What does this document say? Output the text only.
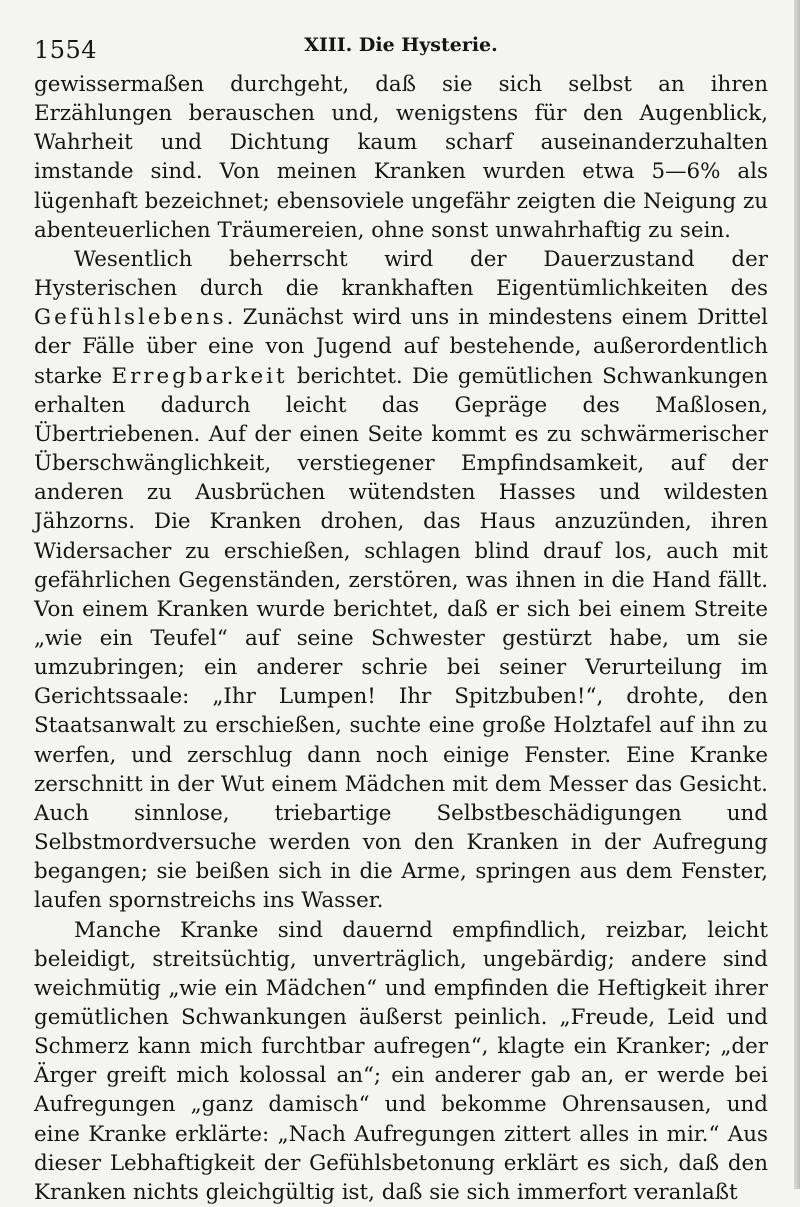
1554	XIII. Die Hysterie.

gewissermaßen durchgeht, daß sie sich selbst an ihren Erzählungen berauschen und, wenigstens für den Augenblick, Wahrheit und Dichtung kaum scharf auseinanderzuhalten imstande sind. Von meinen Kranken wurden etwa 5—6% als lügenhaft bezeichnet; ebensoviele ungefähr zeigten die Neigung zu abenteuerlichen Träumereien, ohne sonst unwahrhaftig zu sein.

Wesentlich beherrscht wird der Dauerzustand der Hysterischen durch die krankhaften Eigentümlichkeiten des Gefühlslebens. Zunächst wird uns in mindestens einem Drittel der Fälle über eine von Jugend auf bestehende, außerordentlich starke Erregbarkeit berichtet. Die gemütlichen Schwankungen erhalten dadurch leicht das Gepräge des Maßlosen, Übertriebenen. Auf der einen Seite kommt es zu schwärmerischer Überschwänglichkeit, verstiegener Empfindsamkeit, auf der anderen zu Ausbrüchen wütendsten Hasses und wildesten Jähzorns. Die Kranken drohen, das Haus anzuzünden, ihren Widersacher zu erschießen, schlagen blind drauf los, auch mit gefährlichen Gegenständen, zerstören, was ihnen in die Hand fällt. Von einem Kranken wurde berichtet, daß er sich bei einem Streite „wie ein Teufel“ auf seine Schwester gestürzt habe, um sie umzubringen; ein anderer schrie bei seiner Verurteilung im Gerichtssaale: „Ihr Lumpen! Ihr Spitzbuben!“, drohte, den Staatsanwalt zu erschießen, suchte eine große Holztafel auf ihn zu werfen, und zerschlug dann noch einige Fenster. Eine Kranke zerschnitt in der Wut einem Mädchen mit dem Messer das Gesicht. Auch sinnlose, triebartige Selbstbeschädigungen und Selbstmordversuche werden von den Kranken in der Aufregung begangen; sie beißen sich in die Arme, springen aus dem Fenster, laufen spornstreichs ins Wasser.

Manche Kranke sind dauernd empfindlich, reizbar, leicht beleidigt, streitsüchtig, unverträglich, ungebärdig; andere sind weichmütig „wie ein Mädchen“ und empfinden die Heftigkeit ihrer gemütlichen Schwankungen äußerst peinlich. „Freude, Leid und Schmerz kann mich furchtbar aufregen“, klagte ein Kranker; „der Ärger greift mich kolossal an“; ein anderer gab an, er werde bei Aufregungen „ganz damisch“ und bekomme Ohrensausen, und eine Kranke erklärte: „Nach Aufregungen zittert alles in mir.“ Aus dieser Lebhaftigkeit der Gefühlsbetonung erklärt es sich, daß den Kranken nichts gleichgültig ist, daß sie sich immerfort veranlaßt
